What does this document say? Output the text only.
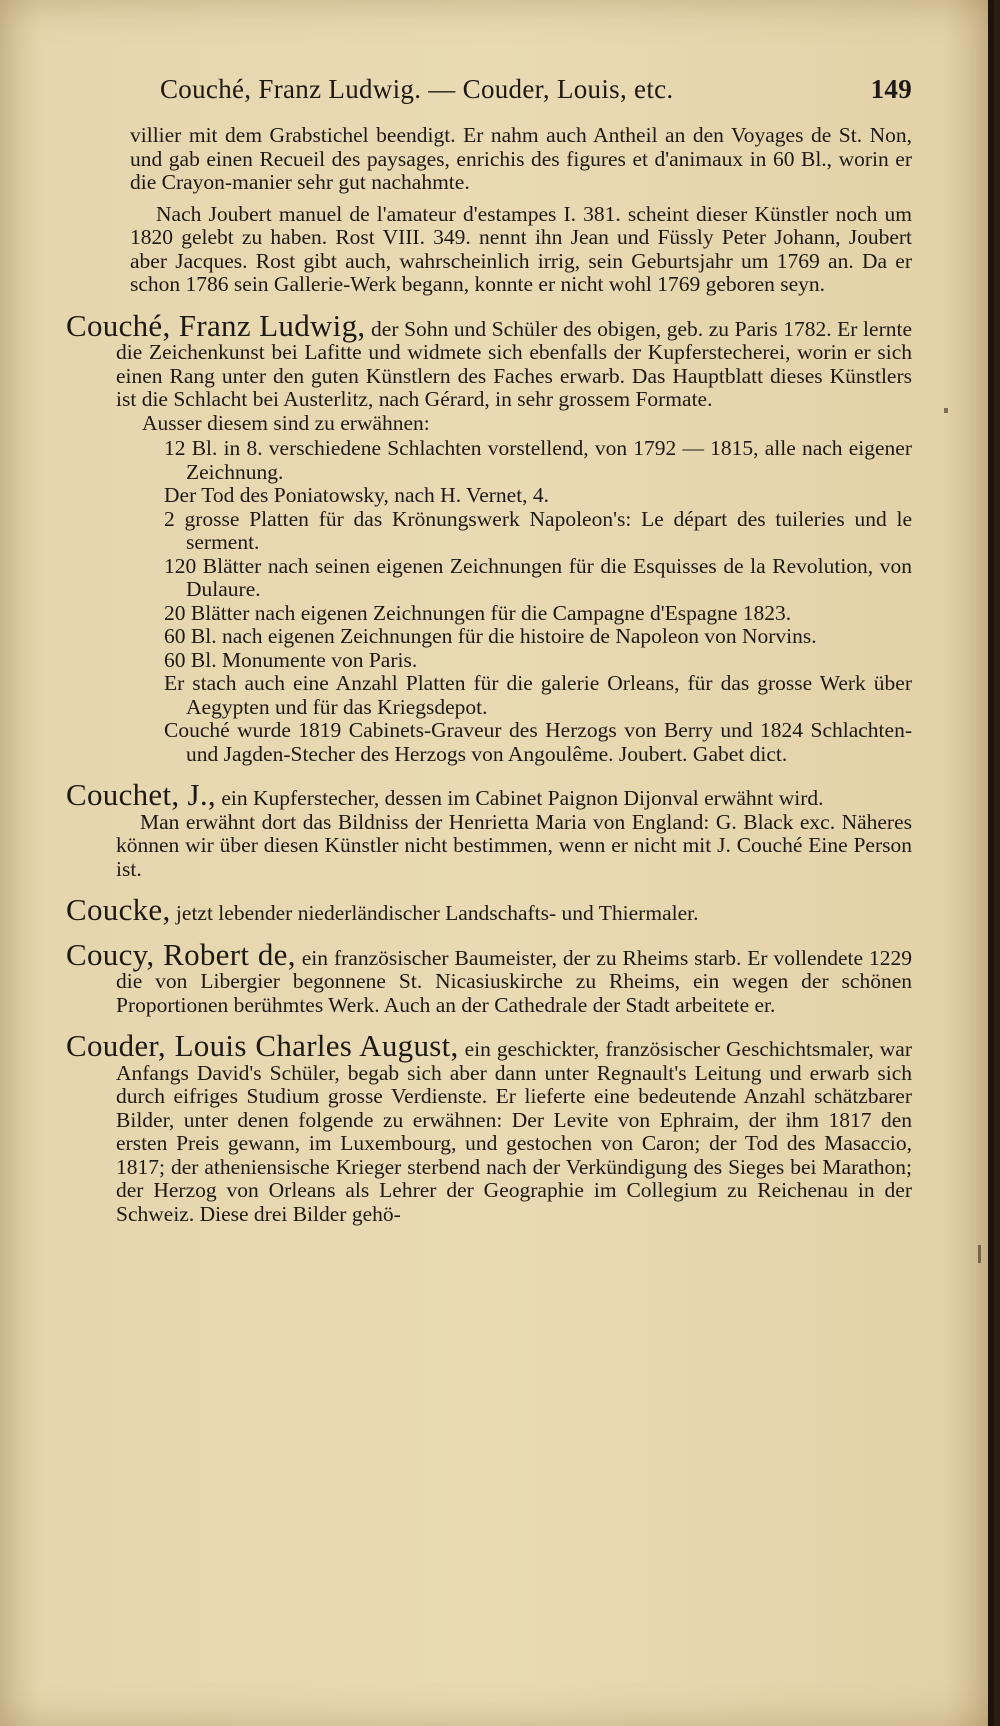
Couché, Franz Ludwig. — Couder, Louis, etc.	149

villier mit dem Grabstichel beendigt. Er nahm auch Antheil an den Voyages de St. Non, und gab einen Recueil des paysages, enrichis des figures et d'animaux in 60 Bl., worin er die Crayon-manier sehr gut nachahmte.

Nach Joubert manuel de l'amateur d'estampes I. 381. scheint dieser Künstler noch um 1820 gelebt zu haben. Rost VIII. 349. nennt ihn Jean und Füssly Peter Johann, Joubert aber Jacques. Rost gibt auch, wahrscheinlich irrig, sein Geburtsjahr um 1769 an. Da er schon 1786 sein Gallerie-Werk begann, konnte er nicht wohl 1769 geboren seyn.

Couché, Franz Ludwig, der Sohn und Schüler des obigen, geb. zu Paris 1782. Er lernte die Zeichenkunst bei Lafitte und widmete sich ebenfalls der Kupferstecherei, worin er sich einen Rang unter den guten Künstlern des Faches erwarb. Das Hauptblatt dieses Künstlers ist die Schlacht bei Austerlitz, nach Gérard, in sehr grossem Formate.

Ausser diesem sind zu erwähnen:

12 Bl. in 8. verschiedene Schlachten vorstellend, von 1792 — 1815, alle nach eigener Zeichnung.
Der Tod des Poniatowsky, nach H. Vernet, 4.
2 grosse Platten für das Krönungswerk Napoleon's: Le départ des tuileries und le serment.
120 Blätter nach seinen eigenen Zeichnungen für die Esquisses de la Revolution, von Dulaure.
20 Blätter nach eigenen Zeichnungen für die Campagne d'Espagne 1823.
60 Bl. nach eigenen Zeichnungen für die histoire de Napoleon von Norvins.
60 Bl. Monumente von Paris.
Er stach auch eine Anzahl Platten für die galerie Orleans, für das grosse Werk über Aegypten und für das Kriegsdepot.
Couché wurde 1819 Cabinets-Graveur des Herzogs von Berry und 1824 Schlachten- und Jagden-Stecher des Herzogs von Angoulême. Joubert. Gabet dict.

Couchet, J., ein Kupferstecher, dessen im Cabinet Paignon Dijonval erwähnt wird.

Man erwähnt dort das Bildniss der Henrietta Maria von England: G. Black exc. Näheres können wir über diesen Künstler nicht bestimmen, wenn er nicht mit J. Couché Eine Person ist.

Coucke, jetzt lebender niederländischer Landschafts- und Thiermaler.

Coucy, Robert de, ein französischer Baumeister, der zu Rheims starb. Er vollendete 1229 die von Libergier begonnene St. Nicasiuskirche zu Rheims, ein wegen der schönen Proportionen berühmtes Werk. Auch an der Cathedrale der Stadt arbeitete er.

Couder, Louis Charles August, ein geschickter, französischer Geschichtsmaler, war Anfangs David's Schüler, begab sich aber dann unter Regnault's Leitung und erwarb sich durch eifriges Studium grosse Verdienste. Er lieferte eine bedeutende Anzahl schätzbarer Bilder, unter denen folgende zu erwähnen: Der Levite von Ephraim, der ihm 1817 den ersten Preis gewann, im Luxembourg, und gestochen von Caron; der Tod des Masaccio, 1817; der atheniensische Krieger sterbend nach der Verkündigung des Sieges bei Marathon; der Herzog von Orleans als Lehrer der Geographie im Collegium zu Reichenau in der Schweiz. Diese drei Bilder gehö-
